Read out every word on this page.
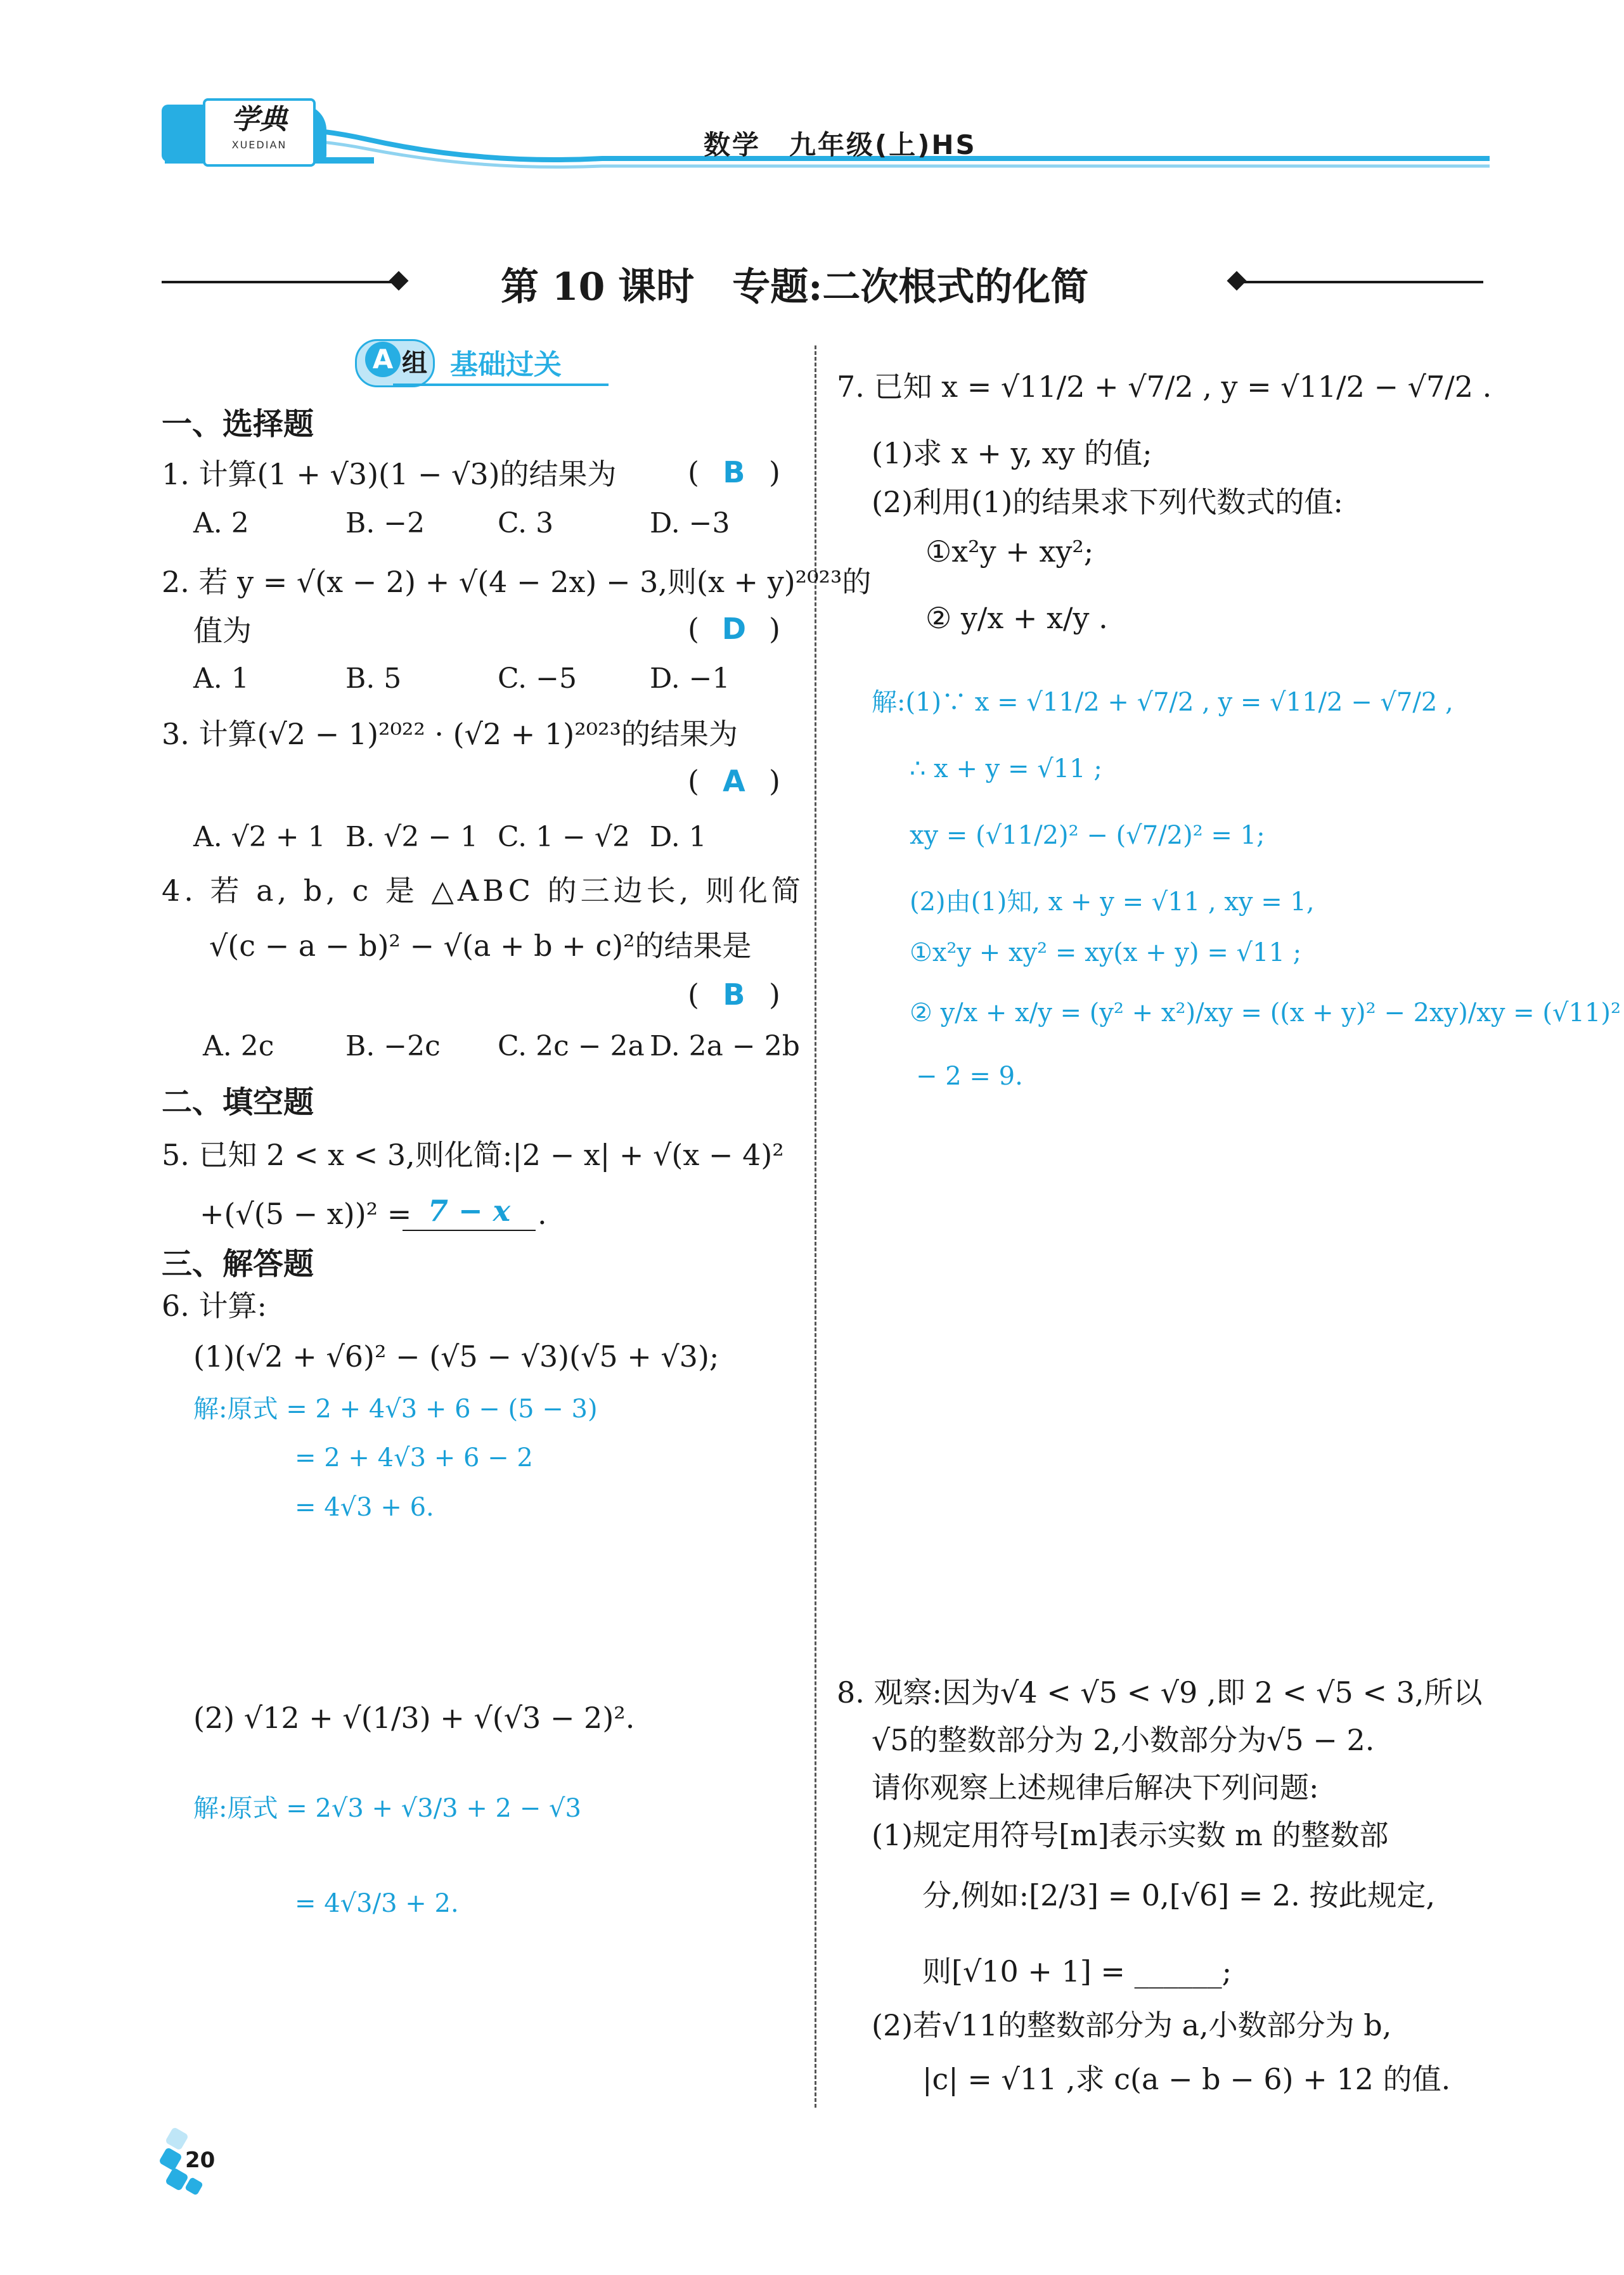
学典
XUEDIAN	数学　九年级(上)HS
第 10 课时　专题:二次根式的化简
A 组 基础过关
一、选择题
1. 计算(1 + √3)(1 − √3)的结果为 ( B )
A. 2	B. −2	C. 3	D. −3
2. 若 y = √(x − 2) + √(4 − 2x) − 3,则(x + y)²⁰²³的
值为	( D )
A. 1	B. 5	C. −5	D. −1
3. 计算(√2 − 1)²⁰²² · (√2 + 1)²⁰²³的结果为
( A )
A. √2 + 1 B. √2 − 1 C. 1 − √2 D. 1
4. 若 a, b, c 是 △ABC 的三边长, 则化简
√(c − a − b)² − √(a + b + c)²的结果是
( B )
A. 2c	B. −2c C. 2c − 2a D. 2a − 2b
二、填空题
5. 已知 2 < x < 3,则化简:|2 − x| + √(x − 4)²
+(√(5 − x))² = 7 − x .
三、解答题
6. 计算:
(1)(√2 + √6)² − (√5 − √3)(√5 + √3);
解:原式 = 2 + 4√3 + 6 − (5 − 3)
= 2 + 4√3 + 6 − 2
= 4√3 + 6.
(2) √12 + √(1/3) + √(√3 − 2)².
解:原式 = 2√3 + √3/3 + 2 − √3
= 4√3/3 + 2.
7. 已知 x = √11/2 + √7/2 , y = √11/2 − √7/2 .
(1)求 x + y, xy 的值;
(2)利用(1)的结果求下列代数式的值:
①x²y + xy²;
② y/x + x/y .
解:(1)∵ x = √11/2 + √7/2 , y = √11/2 − √7/2 ,
∴ x + y = √11 ;
xy = (√11/2)² − (√7/2)² = 1;
(2)由(1)知, x + y = √11 , xy = 1,
①x²y + xy² = xy(x + y) = √11 ;
② y/x + x/y = (y² + x²)/xy = ((x + y)² − 2xy)/xy = (√11)²
− 2 = 9.
8. 观察:因为√4 < √5 < √9 ,即 2 < √5 < 3,所以
√5的整数部分为 2,小数部分为√5 − 2.
请你观察上述规律后解决下列问题:
(1)规定用符号[m]表示实数 m 的整数部
分,例如:[2/3] = 0,[√6] = 2. 按此规定,
则[√10 + 1] = ______;
(2)若√11的整数部分为 a,小数部分为 b,
|c| = √11 ,求 c(a − b − 6) + 12 的值.
20
